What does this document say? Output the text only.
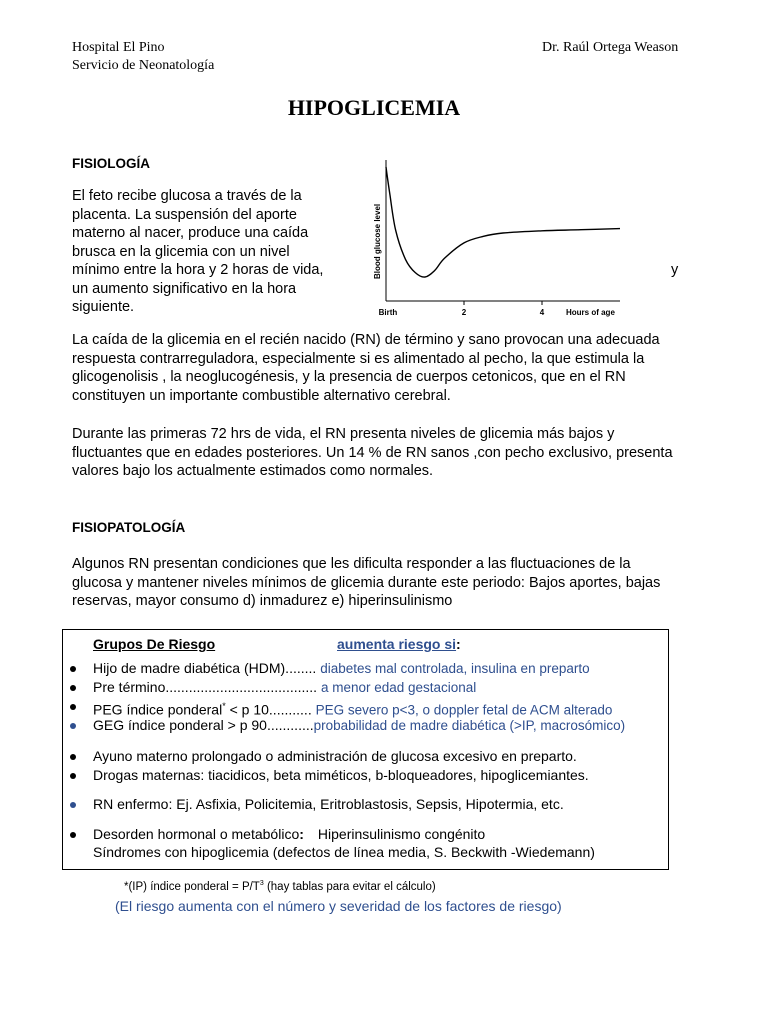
Hospital El Pino
Servicio de Neonatología
Dr. Raúl Ortega Weason
HIPOGLICEMIA
FISIOLOGÍA
El feto recibe glucosa a través de la
placenta. La suspensión del aporte
materno al nacer, produce una caída
brusca en la glicemia con un nivel
mínimo entre la hora y 2 horas de vida,
un aumento significativo en la hora
siguiente.
y
Blood glucose level
Birth	2	4	Hours of age
La caída de la glicemia en el recién nacido (RN) de término y sano provocan una adecuada
respuesta contrarreguladora, especialmente si es alimentado al pecho, la que estimula la
glicogenolisis , la neoglucogénesis, y la presencia de cuerpos cetonicos, que en el RN
constituyen un importante combustible alternativo cerebral.
Durante las primeras 72 hrs de vida, el RN presenta niveles de glicemia más bajos y
fluctuantes que en edades posteriores. Un 14 % de RN sanos ,con pecho exclusivo, presenta
valores bajo los actualmente estimados como normales.
FISIOPATOLOGÍA
Algunos RN presentan condiciones que les dificulta responder a las fluctuaciones de la
glucosa y mantener niveles mínimos de glicemia durante este periodo: Bajos aportes, bajas
reservas, mayor consumo d) inmadurez e) hiperinsulinismo
Grupos De Riesgo	aumenta riesgo si:
Hijo de madre diabética (HDM)........ diabetes mal controlada, insulina en preparto
Pre término....................................... a menor edad gestacional
PEG índice ponderal* < p 10........... PEG severo p<3, o doppler fetal de ACM alterado
GEG índice ponderal > p 90............probabilidad de madre diabética (>IP, macrosómico)
Ayuno materno prolongado o administración de glucosa excesivo en preparto.
Drogas maternas: tiacidicos, beta miméticos, b-bloqueadores, hipoglicemiantes.
RN enfermo: Ej. Asfixia, Policitemia, Eritroblastosis, Sepsis, Hipotermia, etc.
Desorden hormonal o metabólico: Hiperinsulinismo congénito
Síndromes con hipoglicemia (defectos de línea media, S. Beckwith -Wiedemann)
*(IP) índice ponderal = $P/T^3$ (hay tablas para evitar el cálculo)
(El riesgo aumenta con el número y severidad de los factores de riesgo)
